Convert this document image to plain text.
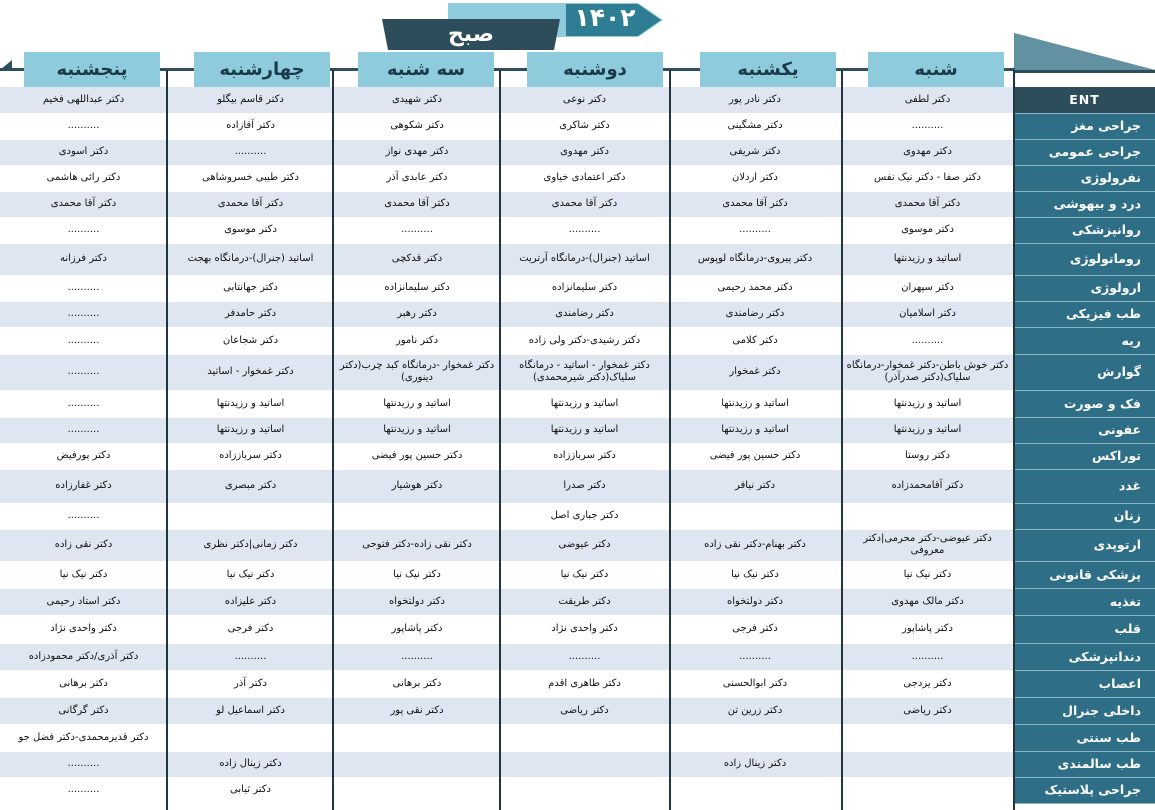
۱۴۰۲
صبح
پنجشنبه	چهارشنبه	سه شنبه	دوشنبه	یکشنبه	شنبه
دکتر عبداللهی فخیم	دکتر قاسم بیگلو	دکتر شهیدی	دکتر نوعی	دکتر نادر پور	دکتر لطفی	ENT
..........	دکتر آقازاده	دکتر شکوهی	دکتر شاکری	دکتر مشگینی	..........	جراحی مغز
دکتر اسودی	..........	دکتر مهدی نواز	دکتر مهدوی	دکتر شریفی	دکتر مهدوی	جراحی عمومی
دکتر رائی هاشمی	دکتر طیبی خسروشاهی	دکتر عابدی آذر	دکتر اعتمادی خیاوی	دکتر اردلان	دکتر صفا - دکتر نیک نفس	نفرولوژی
دکتر آقا محمدی	دکتر آقا محمدی	دکتر آقا محمدی	دکتر آقا محمدی	دکتر آقا محمدی	دکتر آقا محمدی	درد و بیهوشی
..........	دکتر موسوی	..........	..........	..........	دکتر موسوی	روانپزشکی
دکتر فرزانه	اساتید (جنرال)-درمانگاه بهجت	دکتر قدکچی	اساتید (جنرال)-درمانگاه آرتریت	دکتر پیروی-درمانگاه لوپوس	اساتید و رزیدنتها	روماتولوژی
..........	دکتر جهانتابی	دکتر سلیمانزاده	دکتر سلیمانزاده	دکتر محمد رحیمی	دکتر سپهران	ارولوژی
..........	دکتر حامدفر	دکتر رهبر	دکتر رضامندی	دکتر رضامندی	دکتر اسلامیان	طب فیزیکی
..........	دکتر شجاعان	دکتر نامور	دکتر رشیدی-دکتر ولی زاده	دکتر کلامی	..........	ریه
..........	دکتر غمخوار - اساتید	دکتر غمخوار -درمانگاه کبد چرب(دکتر دینوری)	دکتر غمخوار - اساتید - درمانگاه سلیاک(دکتر شیرمحمدی)	دکتر غمخوار	دکتر خوش باطن-دکتر غمخوار-درمانگاه سلیاک(دکتر صدرآذر)	گوارش
..........	اساتید و رزیدنتها	اساتید و رزیدنتها	اساتید و رزیدنتها	اساتید و رزیدنتها	اساتید و رزیدنتها	فک و صورت
..........	اساتید و رزیدنتها	اساتید و رزیدنتها	اساتید و رزیدنتها	اساتید و رزیدنتها	اساتید و رزیدنتها	عفونی
دکتر پورفیض	دکتر سرباززاده	دکتر حسین پور فیضی	دکتر سرباززاده	دکتر حسین پور فیضی	دکتر روستا	توراکس
دکتر غفارزاده	دکتر مبصری	دکتر هوشیار	دکتر صدرا	دکتر نیافر	دکتر آقامحمدزاده	غدد
..........			دکتر جباری اصل			زنان
دکتر نقی زاده	دکتر زمانی|دکتر نظری	دکتر نقی زاده-دکتر فتوحی	دکتر عیوضی	دکتر بهنام-دکتر نقی زاده	دکتر عیوضی-دکتر محرمی|دکتر معروفی	ارتوپدی
دکتر نیک نیا	دکتر نیک نیا	دکتر نیک نیا	دکتر نیک نیا	دکتر نیک نیا	دکتر نیک نیا	پزشکی قانونی
دکتر استاد رحیمی	دکتر علیزاده	دکتر دولتخواه	دکتر طریقت	دکتر دولتخواه	دکتر مالک مهدوی	تغذیه
دکتر واحدی نژاد	دکتر فرجی	دکتر پاشاپور	دکتر واحدی نژاد	دکتر فرجی	دکتر پاشاپور	قلب
دکتر آذری/دکتر محمودزاده	..........	..........	..........	..........	..........	دندانپزشکی
دکتر برهانی	دکتر آذر	دکتر برهانی	دکتر طاهری اقدم	دکتر ابوالحسنی	دکتر یزدجی	اعصاب
دکتر گرگانی	دکتر اسماعیل لو	دکتر نقی پور	دکتر ریاضی	دکتر زرین تن	دکتر ریاضی	داخلی جنرال
دکتر قدیرمحمدی-دکتر فضل جو						طب سنتی
..........	دکتر زینال زاده			دکتر زینال زاده		طب سالمندی
..........	دکتر ثیابی					جراحی پلاستیک
